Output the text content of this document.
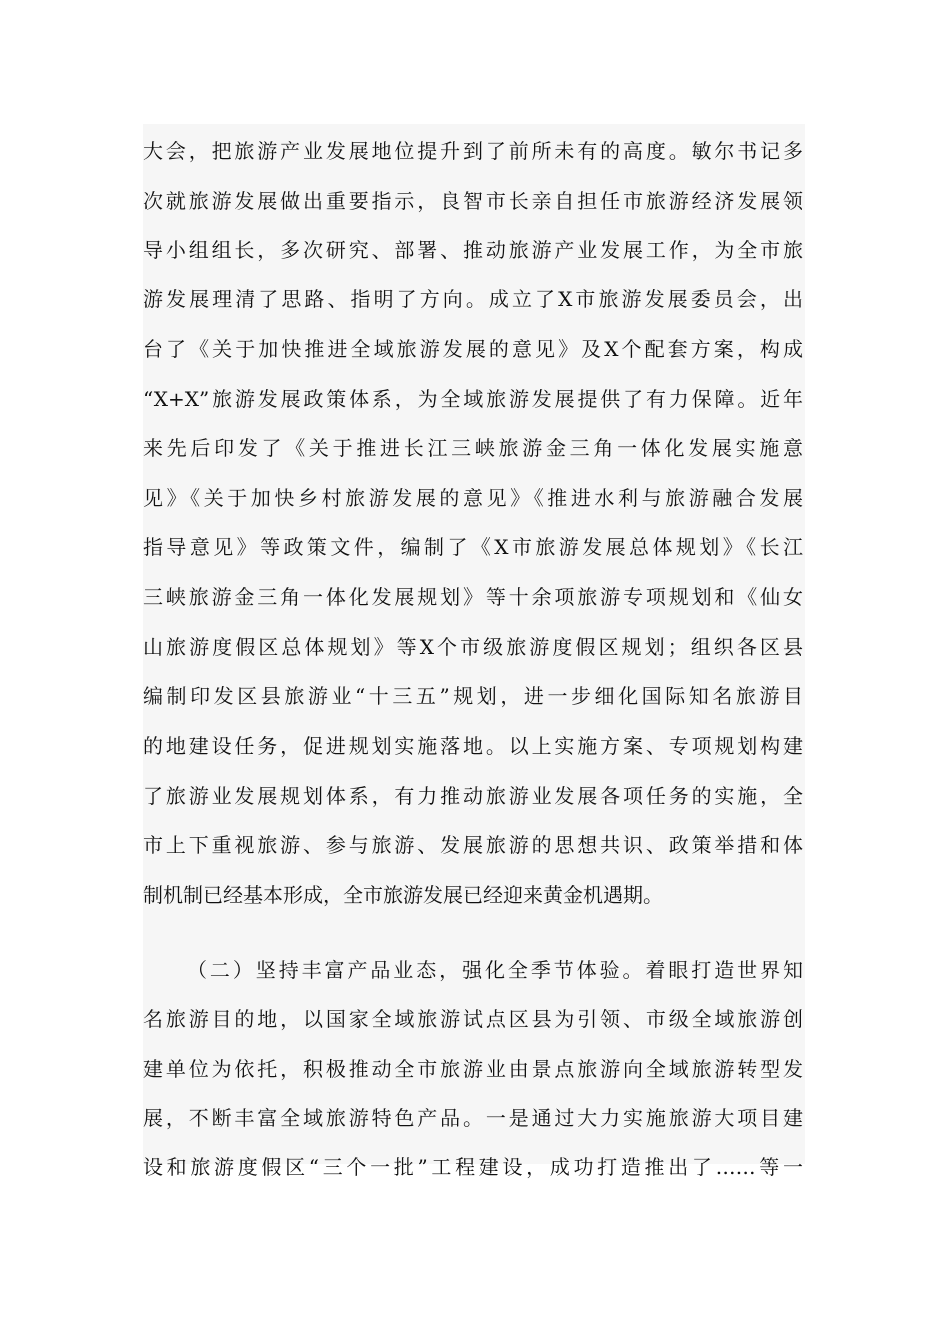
大会，把旅游产业发展地位提升到了前所未有的高度。敏尔书记多
次就旅游发展做出重要指示，良智市长亲自担任市旅游经济发展领
导小组组长，多次研究、部署、推动旅游产业发展工作，为全市旅
游发展理清了思路、指明了方向。成立了X市旅游发展委员会，出
台了《关于加快推进全域旅游发展的意见》及X个配套方案，构成
“X+X”旅游发展政策体系，为全域旅游发展提供了有力保障。近年
来先后印发了《关于推进长江三峡旅游金三角一体化发展实施意
见》《关于加快乡村旅游发展的意见》《推进水利与旅游融合发展
指导意见》等政策文件，编制了《X市旅游发展总体规划》《长江
三峡旅游金三角一体化发展规划》等十余项旅游专项规划和《仙女
山旅游度假区总体规划》等X个市级旅游度假区规划；组织各区县
编制印发区县旅游业“十三五”规划，进一步细化国际知名旅游目
的地建设任务，促进规划实施落地。以上实施方案、专项规划构建
了旅游业发展规划体系，有力推动旅游业发展各项任务的实施，全
市上下重视旅游、参与旅游、发展旅游的思想共识、政策举措和体
制机制已经基本形成，全市旅游发展已经迎来黄金机遇期。
（二）坚持丰富产品业态，强化全季节体验。着眼打造世界知
名旅游目的地，以国家全域旅游试点区县为引领、市级全域旅游创
建单位为依托，积极推动全市旅游业由景点旅游向全域旅游转型发
展，不断丰富全域旅游特色产品。一是通过大力实施旅游大项目建
设和旅游度假区“三个一批”工程建设，成功打造推出了……等一
